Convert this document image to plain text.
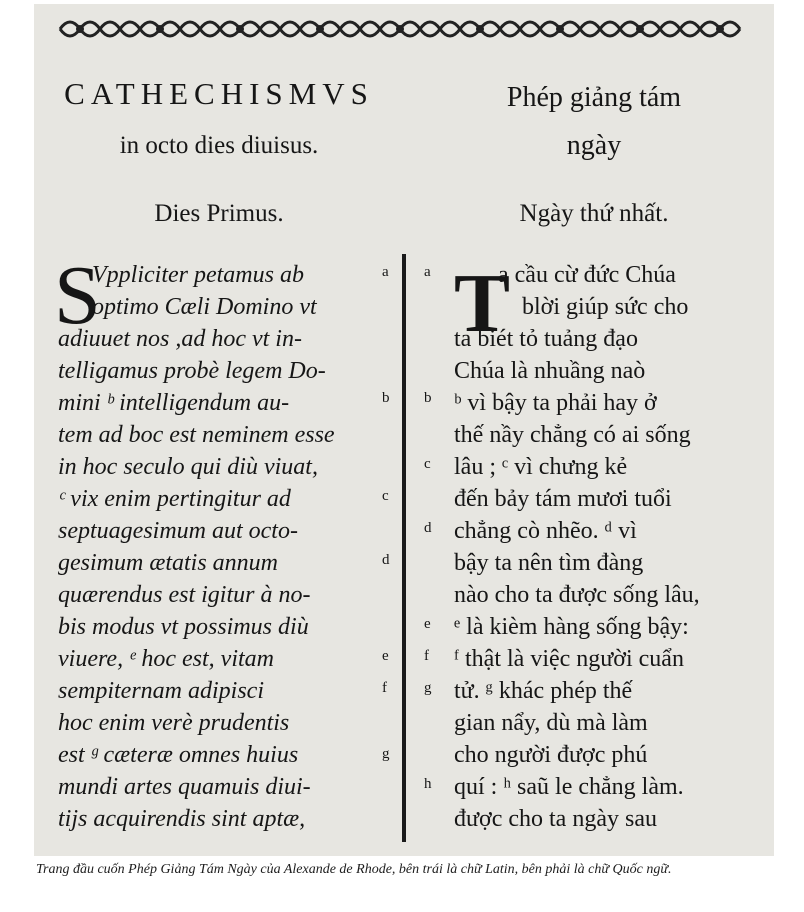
CATHECHISMVS
in octo dies diuisus.
Dies Primus.
S
Vppliciter petamus ab
optimo Cæli Domino vt
adiuuet nos ,ad hoc vt in-
telligamus probè legem Do-
mini ᵇ intelligendum au-
tem ad boc est neminem esse
in hoc seculo qui diù viuat,
ᶜ vix enim pertingitur ad
septuagesimum aut octo-
gesimum ætatis annum
quærendus est igitur à no-
bis modus vt possimus diù
viuere, ᵉ hoc est, vitam
sempiternam adipisci
hoc enim verè prudentis
est ᵍ cæteræ omnes huius
mundi artes quamuis diui-
tijs acquirendis sint aptæ,
a
b
c
d
e
f
g
Phép giảng tám
ngày
Ngày thứ nhất.
T
a cầu cừ đức Chúa
blời giúp sức cho
ta biét tỏ tuảng đạo
Chúa là nhuầng naò
ᵇ vì bậy ta phải hay ở
thế nầy chẳng có ai sống
lâu ; ᶜ vì chưng kẻ
đến bảy tám mươi tuổi
chẳng cò nhẽo. ᵈ vì
bậy ta nên tìm đàng
nào cho ta được sống lâu,
ᵉ là kièm hàng sống bậy:
ᶠ thật là việc người cuẩn
tử. ᵍ khác phép thế
gian nẩy, dù mà làm
cho người được phú
quí : ʰ saũ le chẳng làm.
được cho ta ngày sau
a
b
c
d
e
f
g
h
Trang đầu cuốn Phép Giảng Tám Ngày của Alexande de Rhode, bên trái là chữ Latin, bên phải là chữ Quốc ngữ.
